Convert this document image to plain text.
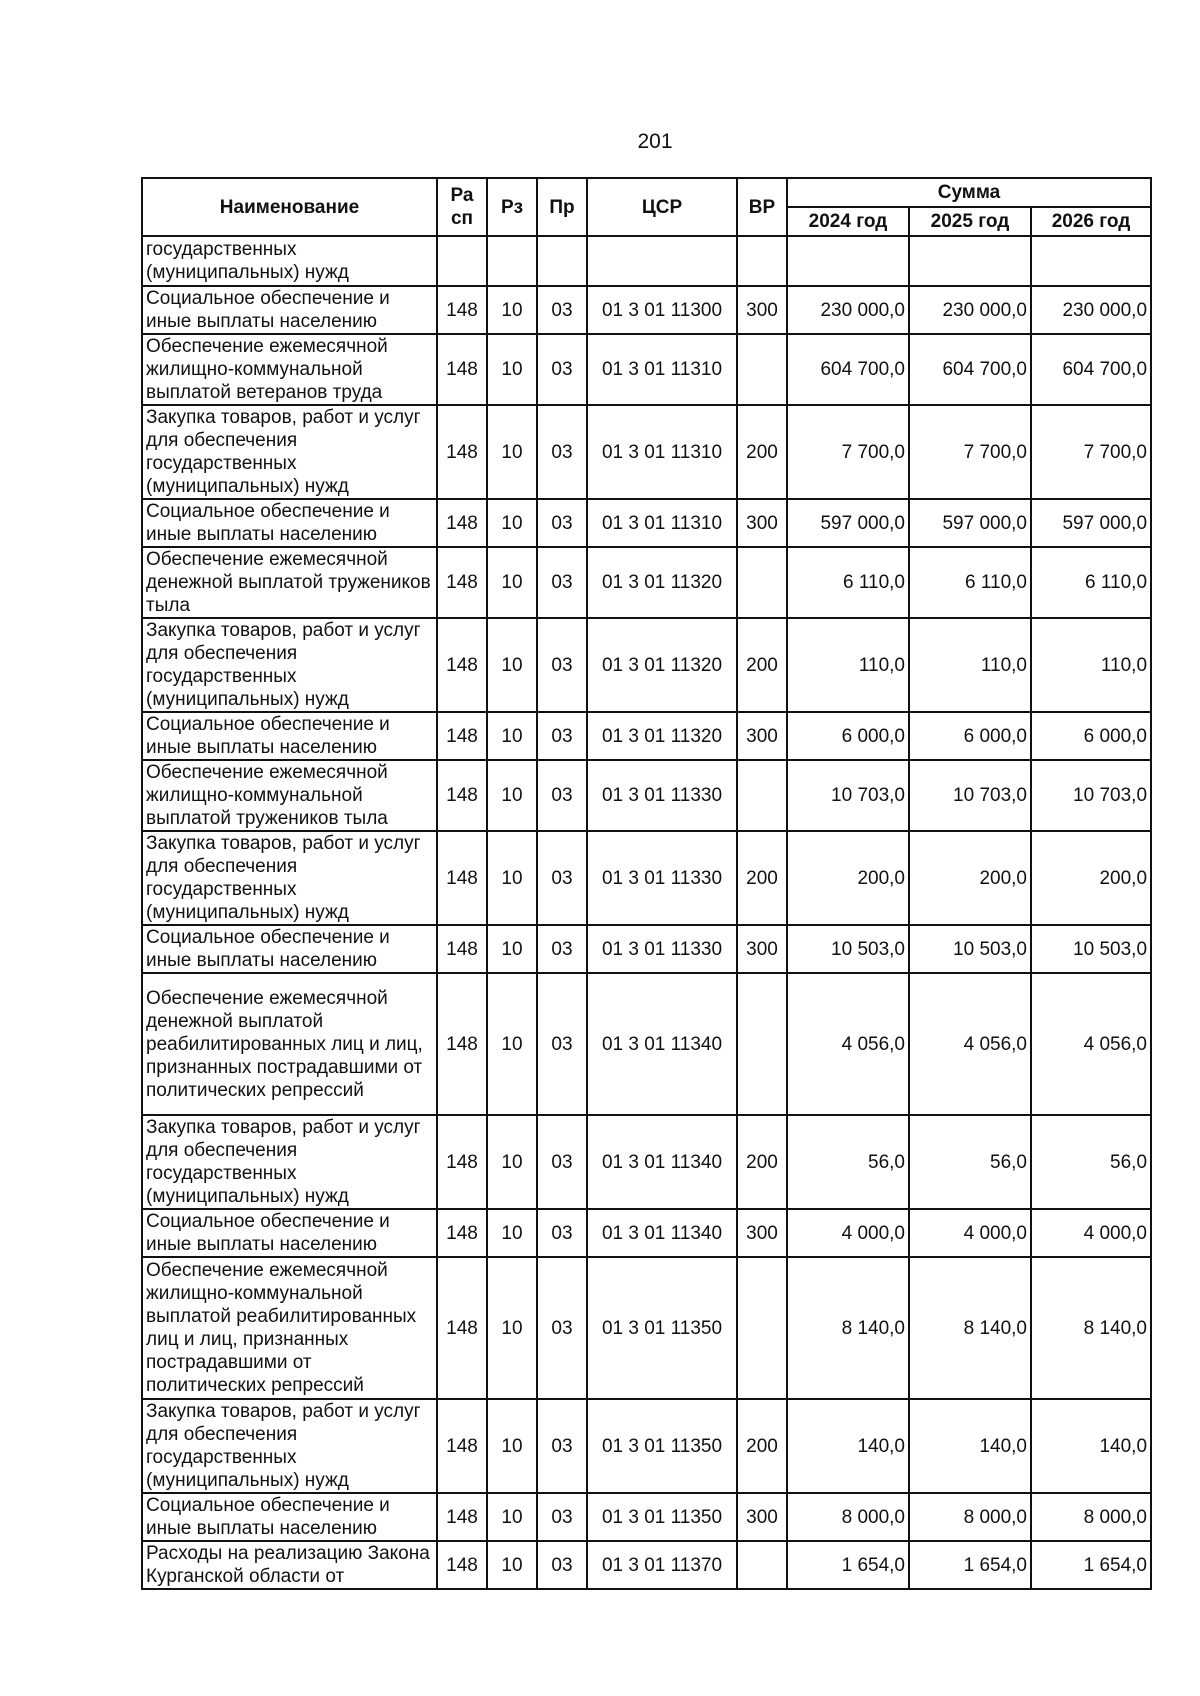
201
Наименование	Ра сп	Рз	Пр	ЦСР	ВР	Сумма		
						2024 год	2025 год	2026 год
государственных (муниципальных) нужд								
Социальное обеспечение и иные выплаты населению	148	10	03	01 3 01 11300	300	230 000,0	230 000,0	230 000,0
Обеспечение ежемесячной жилищно-коммунальной выплатой ветеранов труда	148	10	03	01 3 01 11310		604 700,0	604 700,0	604 700,0
Закупка товаров, работ и услуг для обеспечения государственных (муниципальных) нужд	148	10	03	01 3 01 11310	200	7 700,0	7 700,0	7 700,0
Социальное обеспечение и иные выплаты населению	148	10	03	01 3 01 11310	300	597 000,0	597 000,0	597 000,0
Обеспечение ежемесячной денежной выплатой тружеников тыла	148	10	03	01 3 01 11320		6 110,0	6 110,0	6 110,0
Закупка товаров, работ и услуг для обеспечения государственных (муниципальных) нужд	148	10	03	01 3 01 11320	200	110,0	110,0	110,0
Социальное обеспечение и иные выплаты населению	148	10	03	01 3 01 11320	300	6 000,0	6 000,0	6 000,0
Обеспечение ежемесячной жилищно-коммунальной выплатой тружеников тыла	148	10	03	01 3 01 11330		10 703,0	10 703,0	10 703,0
Закупка товаров, работ и услуг для обеспечения государственных (муниципальных) нужд	148	10	03	01 3 01 11330	200	200,0	200,0	200,0
Социальное обеспечение и иные выплаты населению	148	10	03	01 3 01 11330	300	10 503,0	10 503,0	10 503,0
Обеспечение ежемесячной денежной выплатой реабилитированных лиц и лиц, признанных пострадавшими от политических репрессий	148	10	03	01 3 01 11340		4 056,0	4 056,0	4 056,0
Закупка товаров, работ и услуг для обеспечения государственных (муниципальных) нужд	148	10	03	01 3 01 11340	200	56,0	56,0	56,0
Социальное обеспечение и иные выплаты населению	148	10	03	01 3 01 11340	300	4 000,0	4 000,0	4 000,0
Обеспечение ежемесячной жилищно-коммунальной выплатой реабилитированных лиц и лиц, признанных пострадавшими от политических репрессий	148	10	03	01 3 01 11350		8 140,0	8 140,0	8 140,0
Закупка товаров, работ и услуг для обеспечения государственных (муниципальных) нужд	148	10	03	01 3 01 11350	200	140,0	140,0	140,0
Социальное обеспечение и иные выплаты населению	148	10	03	01 3 01 11350	300	8 000,0	8 000,0	8 000,0
Расходы на реализацию Закона Курганской области от	148	10	03	01 3 01 11370		1 654,0	1 654,0	1 654,0
